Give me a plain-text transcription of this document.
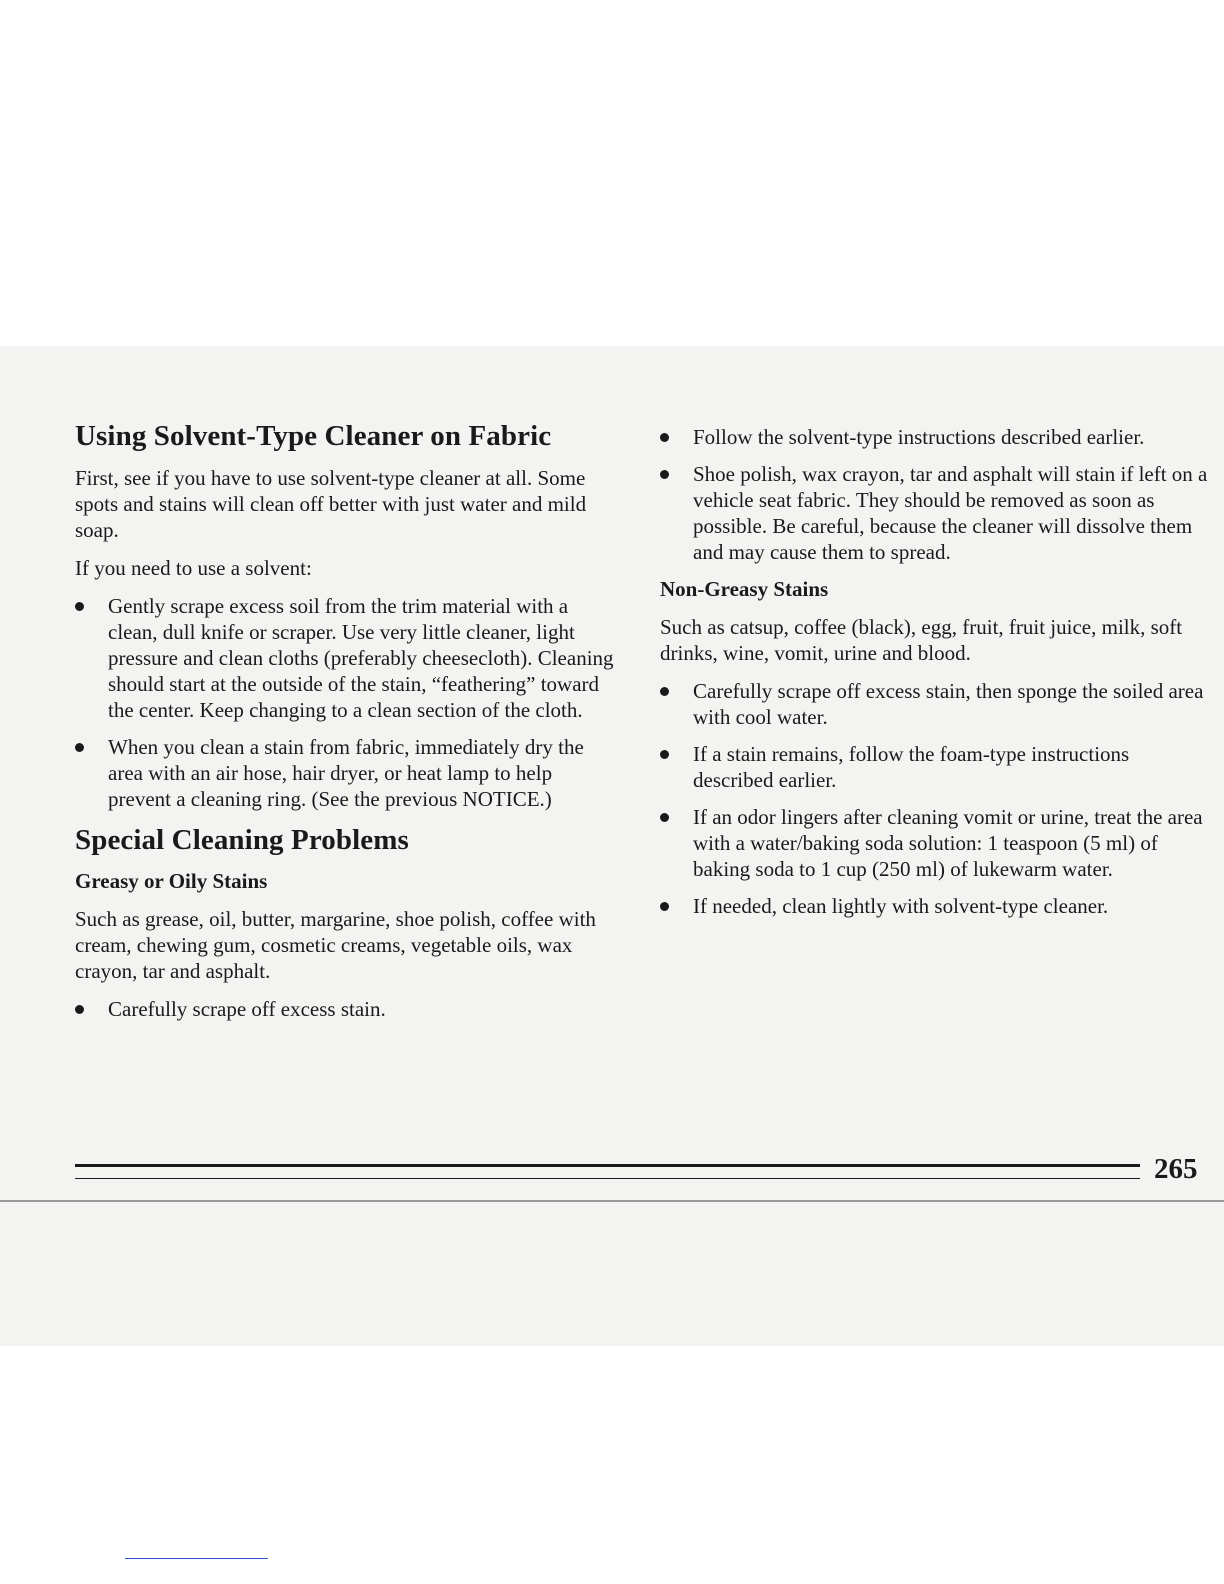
Using Solvent-Type Cleaner on Fabric

First, see if you have to use solvent-type cleaner at all. Some spots and stains will clean off better with just water and mild soap.

If you need to use a solvent:

Gently scrape excess soil from the trim material with a clean, dull knife or scraper. Use very little cleaner, light pressure and clean cloths (preferably cheesecloth). Cleaning should start at the outside of the stain, “feathering” toward the center. Keep changing to a clean section of the cloth.
When you clean a stain from fabric, immediately dry the area with an air hose, hair dryer, or heat lamp to help prevent a cleaning ring. (See the previous NOTICE.)
Special Cleaning Problems
Greasy or Oily Stains

Such as grease, oil, butter, margarine, shoe polish, coffee with cream, chewing gum, cosmetic creams, vegetable oils, wax crayon, tar and asphalt.

Carefully scrape off excess stain.
Follow the solvent-type instructions described earlier.
Shoe polish, wax crayon, tar and asphalt will stain if left on a vehicle seat fabric. They should be removed as soon as possible. Be careful, because the cleaner will dissolve them and may cause them to spread.
Non-Greasy Stains

Such as catsup, coffee (black), egg, fruit, fruit juice, milk, soft drinks, wine, vomit, urine and blood.

Carefully scrape off excess stain, then sponge the soiled area with cool water.
If a stain remains, follow the foam-type instructions described earlier.
If an odor lingers after cleaning vomit or urine, treat the area with a water/baking soda solution: 1 teaspoon (5 ml) of baking soda to 1 cup (250 ml) of lukewarm water.
If needed, clean lightly with solvent-type cleaner.
265
